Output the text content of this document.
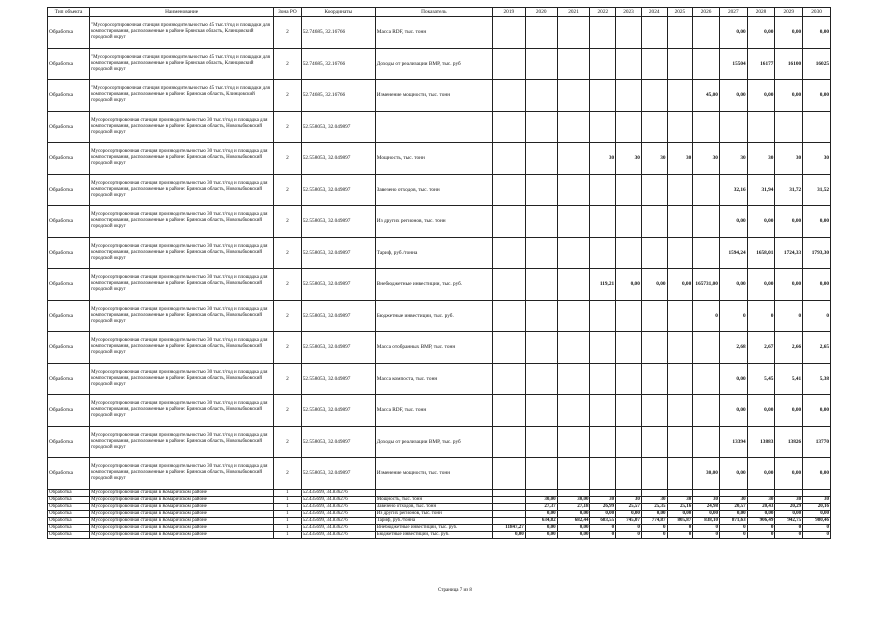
Тип объекта	Наименование	Зона РО	Координаты	Показатель	2019	2020	2021	2022	2023	2024	2025	2026	2027	2028	2029	2030
Обработка	"Мусоросортировочная станция производительностью 45 тыс.т/год и площадки для компостирования, расположенные в районе Брянская область, Клинцовский городской округ	2	52.74685, 32.16766	Масса RDF, тыс. тонн									0,00	0,00	0,00	0,00
Обработка	"Мусоросортировочная станция производительностью 45 тыс.т/год и площадки для компостирования, расположенные в районе Брянская область, Клинцовский городской округ	2	52.74685, 32.16766	Доходы от реализации ВМР, тыс. руб									15504	16177	16100	16025
Обработка	"Мусоросортировочная станция производительностью 45 тыс.т/год и площадки для компостирования, расположенные в районе: Брянская область, Клинцовский городской округ	2	52.74685, 32.16766	Изменение мощности, тыс. тонн								45,00	0,00	0,00	0,00	0,00
Обработка	Мусоросортировочная станция производительностью 30 тыс.т/год и площадка для компостирования, расположенные в районе: Брянская область, Новозыбковский городской округ	2	52.558053, 32.049897													
Обработка	Мусоросортировочная станция производительностью 30 тыс.т/год и площадка для компостирования, расположенные в районе: Брянская область, Новозыбковский городской округ	2	52.558053, 32.049897	Мощность, тыс. тонн				30	30	30	30	30	30	30	30	30
Обработка	Мусоросортировочная станция производительностью 30 тыс.т/год и площадка для компостирования, расположенные в районе: Брянская область, Новозыбковский городской округ	2	52.558053, 32.049897	Завезено отходов, тыс. тонн									32,16	31,94	31,72	31,52
Обработка	Мусоросортировочная станция производительностью 30 тыс.т/год и площадка для компостирования, расположенные в районе: Брянская область, Новозыбковский городской округ	2	52.558053, 32.049897	Из других регионов, тыс. тонн									0,00	0,00	0,00	0,00
Обработка	Мусоросортировочная станция производительностью 30 тыс.т/год и площадка для компостирования, расположенные в районе: Брянская область, Новозыбковский городской округ	2	52.558053, 32.049897	Тариф, руб./тонна									1594,24	1658,01	1724,33	1793,30
Обработка	Мусоросортировочная станция производительностью 30 тыс.т/год и площадка для компостирования, расположенные в районе: Брянская область, Новозыбковский городской округ	2	52.558053, 32.049897	Внебюджетные инвестиции, тыс. руб.				119,21	0,00	0,00	0,00	165731,00	0,00	0,00	0,00	0,00
Обработка	Мусоросортировочная станция производительностью 30 тыс.т/год и площадка для компостирования, расположенные в районе: Брянская область, Новозыбковский городской округ	2	52.558053, 32.049897	Бюджетные инвестиции, тыс. руб.								0	0	0	0	0
Обработка	Мусоросортировочная станция производительностью 30 тыс.т/год и площадка для компостирования, расположенные в районе: Брянская область, Новозыбковский городской округ	2	52.558053, 32.049897	Масса отобранных ВМР, тыс. тонн									2,68	2,67	2,66	2,65
Обработка	Мусоросортировочная станция производительностью 30 тыс.т/год и площадка для компостирования, расположенные в районе: Брянская область, Новозыбковский городской округ	2	52.558053, 32.049897	Масса компоста, тыс. тонн									0,00	5,45	5,41	5,38
Обработка	Мусоросортировочная станция производительностью 30 тыс.т/год и площадка для компостирования, расположенные в районе: Брянская область, Новозыбковский городской округ	2	52.558053, 32.049897	Масса RDF, тыс. тонн									0,00	0,00	0,00	0,00
Обработка	Мусоросортировочная станция производительностью 30 тыс.т/год и площадка для компостирования, расположенные в районе: Брянская область, Новозыбковский городской округ	2	52.558053, 32.049897	Доходы от реализации ВМР, тыс. руб									13394	13883	13826	13770
Обработка	Мусоросортировочная станция производительностью 30 тыс.т/год и площадка для компостирования, расположенные в районе: Брянская область, Новозыбковский городской округ	2	52.558053, 32.049897	Изменение мощности, тыс. тонн								30,00	0,00	0,00	0,00	0,00
Обработка	Мусоросортировочная станция в Комаричском районе	1	52.435699, 34.836276													
Обработка	Мусоросортировочная станция в Комаричском районе	1	52.435699, 34.836276	Мощность, тыс. тонн		30,00	30,00	30	30	30	30	30	30	30	30	30
Обработка	Мусоросортировочная станция в Комаричском районе	1	52.435699, 34.836276	Завезено отходов, тыс. тонн		27,37	27,18	26,99	25,57	25,35	25,16	24,98	20,57	20,43	20,29	20,16
Обработка	Мусоросортировочная станция в Комаричском районе	1	52.435699, 34.836276	Из других регионов, тыс. тонн		0,00	0,00	0,00	0,00	0,00	0,00	0,00	0,00	0,00	0,00	0,00
Обработка	Мусоросортировочная станция в Комаричском районе	1	52.435699, 34.836276	Тариф, руб./тонна		634,82	682,44	683,55	745,07	774,87	805,87	838,10	871,63	906,49	942,75	980,46
Обработка	Мусоросортировочная станция в Комаричском районе	1	52.435699, 34.836276	Внебюджетные инвестиции, тыс. руб.	11847,27	0,00	0,00	0	0	0	0	0	0	0	0	0
Обработка	Мусоросортировочная станция в Комаричском районе	1	52.435699, 34.836276	Бюджетные инвестиции, тыс. руб.	0,00	0,00	0,00	0	0	0	0	0	0	0	0	0
Страница 7 из 8
